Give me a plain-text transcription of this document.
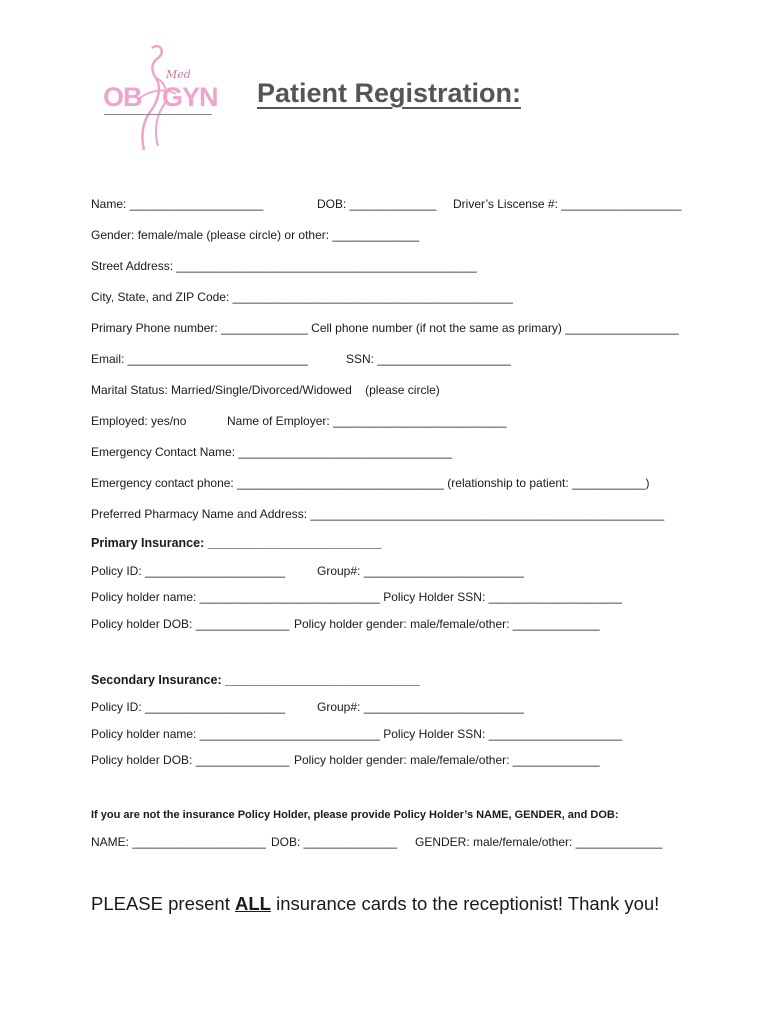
OB
Med
GYN Patient Registration:
Name: ____________________	DOB: _____________ Driver’s Liscense #: __________________
Gender: female/male (please circle) or other: _____________
Street Address: _____________________________________________
City, State, and ZIP Code: __________________________________________
Primary Phone number: _____________ Cell phone number (if not the same as primary) _________________
Email: ___________________________	SSN: ____________________
Marital Status: Married/Single/Divorced/Widowed    (please circle)
Employed: yes/no	Name of Employer: __________________________
Emergency Contact Name: ________________________________
Emergency contact phone: _______________________________ (relationship to patient: ___________)
Preferred Pharmacy Name and Address: _____________________________________________________
Primary Insurance: _________________________
Policy ID: _____________________	Group#: ________________________
Policy holder name: ___________________________ Policy Holder SSN: ____________________
Policy holder DOB: ______________ Policy holder gender: male/female/other: _____________
Secondary Insurance: ____________________________
Policy ID: _____________________	Group#: ________________________
Policy holder name: ___________________________ Policy Holder SSN: ____________________
Policy holder DOB: ______________ Policy holder gender: male/female/other: _____________
If you are not the insurance Policy Holder, please provide Policy Holder’s NAME, GENDER, and DOB:
NAME: ____________________ DOB: ______________ GENDER: male/female/other: _____________
PLEASE present ALL insurance cards to the receptionist! Thank you!
